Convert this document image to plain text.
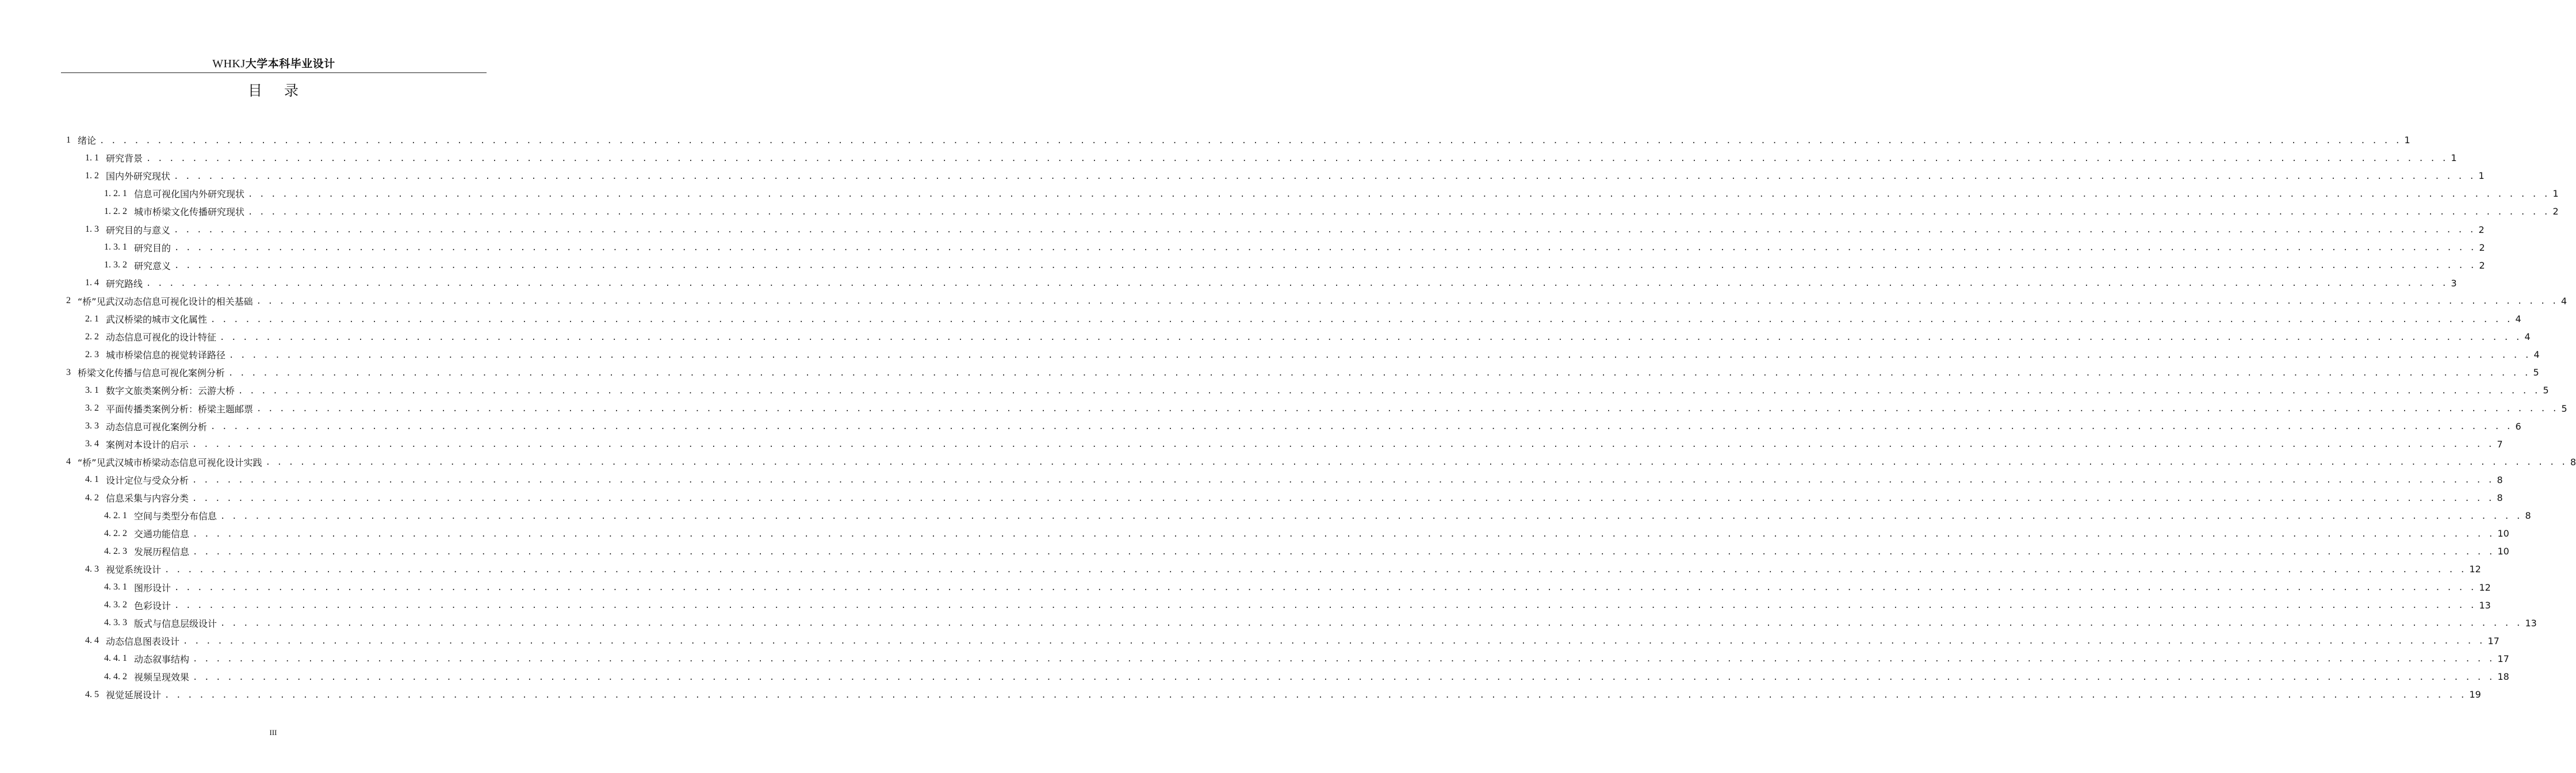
WHKJ大学本科毕业设计
目 录
1 绪论 . . . . . . . . . . . . . . . . . . . . . . . . . . . . . . . . . . . . . . . . . . . . . . . . . . . . . . . . . . . . . . . . . . . . . . . . . . . . . . . . . . . . . . . . . . . . . . . . . . . . . . . . . . . . . . . . . . . . . . . . . . . . . . . . . . . . . . . . . . . . . . . . . . . . . . . . . . . . . . . . . . . . . . . . . . . . . . . . . . . . . . . . . . . . . . . . . . . . . . . . 1
1. 1 研究背景 . . . . . . . . . . . . . . . . . . . . . . . . . . . . . . . . . . . . . . . . . . . . . . . . . . . . . . . . . . . . . . . . . . . . . . . . . . . . . . . . . . . . . . . . . . . . . . . . . . . . . . . . . . . . . . . . . . . . . . . . . . . . . . . . . . . . . . . . . . . . . . . . . . . . . . . . . . . . . . . . . . . . . . . . . . . . . . . . . . . . . . . . . . . . . . . . . . . . . . . . 1
1. 2 国内外研究现状 . . . . . . . . . . . . . . . . . . . . . . . . . . . . . . . . . . . . . . . . . . . . . . . . . . . . . . . . . . . . . . . . . . . . . . . . . . . . . . . . . . . . . . . . . . . . . . . . . . . . . . . . . . . . . . . . . . . . . . . . . . . . . . . . . . . . . . . . . . . . . . . . . . . . . . . . . . . . . . . . . . . . . . . . . . . . . . . . . . . . . . . . . . . . . . . . . . . . . . . . 1
1. 2. 1 信息可视化国内外研究现状 . . . . . . . . . . . . . . . . . . . . . . . . . . . . . . . . . . . . . . . . . . . . . . . . . . . . . . . . . . . . . . . . . . . . . . . . . . . . . . . . . . . . . . . . . . . . . . . . . . . . . . . . . . . . . . . . . . . . . . . . . . . . . . . . . . . . . . . . . . . . . . . . . . . . . . . . . . . . . . . . . . . . . . . . . . . . . . . . . . . . . . . . . . . . . . . . . . . . . . . . 1
1. 2. 2 城市桥梁文化传播研究现状 . . . . . . . . . . . . . . . . . . . . . . . . . . . . . . . . . . . . . . . . . . . . . . . . . . . . . . . . . . . . . . . . . . . . . . . . . . . . . . . . . . . . . . . . . . . . . . . . . . . . . . . . . . . . . . . . . . . . . . . . . . . . . . . . . . . . . . . . . . . . . . . . . . . . . . . . . . . . . . . . . . . . . . . . . . . . . . . . . . . . . . . . . . . . . . . . . . . . . . . . 2
1. 3 研究目的与意义 . . . . . . . . . . . . . . . . . . . . . . . . . . . . . . . . . . . . . . . . . . . . . . . . . . . . . . . . . . . . . . . . . . . . . . . . . . . . . . . . . . . . . . . . . . . . . . . . . . . . . . . . . . . . . . . . . . . . . . . . . . . . . . . . . . . . . . . . . . . . . . . . . . . . . . . . . . . . . . . . . . . . . . . . . . . . . . . . . . . . . . . . . . . . . . . . . . . . . . . . 2
1. 3. 1 研究目的 . . . . . . . . . . . . . . . . . . . . . . . . . . . . . . . . . . . . . . . . . . . . . . . . . . . . . . . . . . . . . . . . . . . . . . . . . . . . . . . . . . . . . . . . . . . . . . . . . . . . . . . . . . . . . . . . . . . . . . . . . . . . . . . . . . . . . . . . . . . . . . . . . . . . . . . . . . . . . . . . . . . . . . . . . . . . . . . . . . . . . . . . . . . . . . . . . . . . . . . . 2
1. 3. 2 研究意义 . . . . . . . . . . . . . . . . . . . . . . . . . . . . . . . . . . . . . . . . . . . . . . . . . . . . . . . . . . . . . . . . . . . . . . . . . . . . . . . . . . . . . . . . . . . . . . . . . . . . . . . . . . . . . . . . . . . . . . . . . . . . . . . . . . . . . . . . . . . . . . . . . . . . . . . . . . . . . . . . . . . . . . . . . . . . . . . . . . . . . . . . . . . . . . . . . . . . . . . . 2
1. 4 研究路线 . . . . . . . . . . . . . . . . . . . . . . . . . . . . . . . . . . . . . . . . . . . . . . . . . . . . . . . . . . . . . . . . . . . . . . . . . . . . . . . . . . . . . . . . . . . . . . . . . . . . . . . . . . . . . . . . . . . . . . . . . . . . . . . . . . . . . . . . . . . . . . . . . . . . . . . . . . . . . . . . . . . . . . . . . . . . . . . . . . . . . . . . . . . . . . . . . . . . . . . . 3
2 “桥”见武汉动态信息可视化设计的相关基础 . . . . . . . . . . . . . . . . . . . . . . . . . . . . . . . . . . . . . . . . . . . . . . . . . . . . . . . . . . . . . . . . . . . . . . . . . . . . . . . . . . . . . . . . . . . . . . . . . . . . . . . . . . . . . . . . . . . . . . . . . . . . . . . . . . . . . . . . . . . . . . . . . . . . . . . . . . . . . . . . . . . . . . . . . . . . . . . . . . . . . . . . . . . . . . . . . . . . . . . . 4
2. 1 武汉桥梁的城市文化属性 . . . . . . . . . . . . . . . . . . . . . . . . . . . . . . . . . . . . . . . . . . . . . . . . . . . . . . . . . . . . . . . . . . . . . . . . . . . . . . . . . . . . . . . . . . . . . . . . . . . . . . . . . . . . . . . . . . . . . . . . . . . . . . . . . . . . . . . . . . . . . . . . . . . . . . . . . . . . . . . . . . . . . . . . . . . . . . . . . . . . . . . . . . . . . . . . . . . . . . . . 4
2. 2 动态信息可视化的设计特征 . . . . . . . . . . . . . . . . . . . . . . . . . . . . . . . . . . . . . . . . . . . . . . . . . . . . . . . . . . . . . . . . . . . . . . . . . . . . . . . . . . . . . . . . . . . . . . . . . . . . . . . . . . . . . . . . . . . . . . . . . . . . . . . . . . . . . . . . . . . . . . . . . . . . . . . . . . . . . . . . . . . . . . . . . . . . . . . . . . . . . . . . . . . . . . . . . . . . . . . . 4
2. 3 城市桥梁信息的视觉转译路径 . . . . . . . . . . . . . . . . . . . . . . . . . . . . . . . . . . . . . . . . . . . . . . . . . . . . . . . . . . . . . . . . . . . . . . . . . . . . . . . . . . . . . . . . . . . . . . . . . . . . . . . . . . . . . . . . . . . . . . . . . . . . . . . . . . . . . . . . . . . . . . . . . . . . . . . . . . . . . . . . . . . . . . . . . . . . . . . . . . . . . . . . . . . . . . . . . . . . . . . . 4
3 桥梁文化传播与信息可视化案例分析 . . . . . . . . . . . . . . . . . . . . . . . . . . . . . . . . . . . . . . . . . . . . . . . . . . . . . . . . . . . . . . . . . . . . . . . . . . . . . . . . . . . . . . . . . . . . . . . . . . . . . . . . . . . . . . . . . . . . . . . . . . . . . . . . . . . . . . . . . . . . . . . . . . . . . . . . . . . . . . . . . . . . . . . . . . . . . . . . . . . . . . . . . . . . . . . . . . . . . . . . 5
3. 1 数字文旅类案例分析：云游大桥 . . . . . . . . . . . . . . . . . . . . . . . . . . . . . . . . . . . . . . . . . . . . . . . . . . . . . . . . . . . . . . . . . . . . . . . . . . . . . . . . . . . . . . . . . . . . . . . . . . . . . . . . . . . . . . . . . . . . . . . . . . . . . . . . . . . . . . . . . . . . . . . . . . . . . . . . . . . . . . . . . . . . . . . . . . . . . . . . . . . . . . . . . . . . . . . . . . . . . . . . 5
3. 2 平面传播类案例分析：桥梁主题邮票 . . . . . . . . . . . . . . . . . . . . . . . . . . . . . . . . . . . . . . . . . . . . . . . . . . . . . . . . . . . . . . . . . . . . . . . . . . . . . . . . . . . . . . . . . . . . . . . . . . . . . . . . . . . . . . . . . . . . . . . . . . . . . . . . . . . . . . . . . . . . . . . . . . . . . . . . . . . . . . . . . . . . . . . . . . . . . . . . . . . . . . . . . . . . . . . . . . . . . . . . 5
3. 3 动态信息可视化案例分析 . . . . . . . . . . . . . . . . . . . . . . . . . . . . . . . . . . . . . . . . . . . . . . . . . . . . . . . . . . . . . . . . . . . . . . . . . . . . . . . . . . . . . . . . . . . . . . . . . . . . . . . . . . . . . . . . . . . . . . . . . . . . . . . . . . . . . . . . . . . . . . . . . . . . . . . . . . . . . . . . . . . . . . . . . . . . . . . . . . . . . . . . . . . . . . . . . . . . . . . . 6
3. 4 案例对本设计的启示 . . . . . . . . . . . . . . . . . . . . . . . . . . . . . . . . . . . . . . . . . . . . . . . . . . . . . . . . . . . . . . . . . . . . . . . . . . . . . . . . . . . . . . . . . . . . . . . . . . . . . . . . . . . . . . . . . . . . . . . . . . . . . . . . . . . . . . . . . . . . . . . . . . . . . . . . . . . . . . . . . . . . . . . . . . . . . . . . . . . . . . . . . . . . . . . . . . . . . . . . 7
4 “桥”见武汉城市桥梁动态信息可视化设计实践 . . . . . . . . . . . . . . . . . . . . . . . . . . . . . . . . . . . . . . . . . . . . . . . . . . . . . . . . . . . . . . . . . . . . . . . . . . . . . . . . . . . . . . . . . . . . . . . . . . . . . . . . . . . . . . . . . . . . . . . . . . . . . . . . . . . . . . . . . . . . . . . . . . . . . . . . . . . . . . . . . . . . . . . . . . . . . . . . . . . . . . . . . . . . . . . . . . . . . . . . 8
4. 1 设计定位与受众分析 . . . . . . . . . . . . . . . . . . . . . . . . . . . . . . . . . . . . . . . . . . . . . . . . . . . . . . . . . . . . . . . . . . . . . . . . . . . . . . . . . . . . . . . . . . . . . . . . . . . . . . . . . . . . . . . . . . . . . . . . . . . . . . . . . . . . . . . . . . . . . . . . . . . . . . . . . . . . . . . . . . . . . . . . . . . . . . . . . . . . . . . . . . . . . . . . . . . . . . . . 8
4. 2 信息采集与内容分类 . . . . . . . . . . . . . . . . . . . . . . . . . . . . . . . . . . . . . . . . . . . . . . . . . . . . . . . . . . . . . . . . . . . . . . . . . . . . . . . . . . . . . . . . . . . . . . . . . . . . . . . . . . . . . . . . . . . . . . . . . . . . . . . . . . . . . . . . . . . . . . . . . . . . . . . . . . . . . . . . . . . . . . . . . . . . . . . . . . . . . . . . . . . . . . . . . . . . . . . . 8
4. 2. 1 空间与类型分布信息 . . . . . . . . . . . . . . . . . . . . . . . . . . . . . . . . . . . . . . . . . . . . . . . . . . . . . . . . . . . . . . . . . . . . . . . . . . . . . . . . . . . . . . . . . . . . . . . . . . . . . . . . . . . . . . . . . . . . . . . . . . . . . . . . . . . . . . . . . . . . . . . . . . . . . . . . . . . . . . . . . . . . . . . . . . . . . . . . . . . . . . . . . . . . . . . . . . . . . . . . 8
4. 2. 2 交通功能信息 . . . . . . . . . . . . . . . . . . . . . . . . . . . . . . . . . . . . . . . . . . . . . . . . . . . . . . . . . . . . . . . . . . . . . . . . . . . . . . . . . . . . . . . . . . . . . . . . . . . . . . . . . . . . . . . . . . . . . . . . . . . . . . . . . . . . . . . . . . . . . . . . . . . . . . . . . . . . . . . . . . . . . . . . . . . . . . . . . . . . . . . . . . . . . . . . . . . . . . . . 10
4. 2. 3 发展历程信息 . . . . . . . . . . . . . . . . . . . . . . . . . . . . . . . . . . . . . . . . . . . . . . . . . . . . . . . . . . . . . . . . . . . . . . . . . . . . . . . . . . . . . . . . . . . . . . . . . . . . . . . . . . . . . . . . . . . . . . . . . . . . . . . . . . . . . . . . . . . . . . . . . . . . . . . . . . . . . . . . . . . . . . . . . . . . . . . . . . . . . . . . . . . . . . . . . . . . . . . . 10
4. 3 视觉系统设计 . . . . . . . . . . . . . . . . . . . . . . . . . . . . . . . . . . . . . . . . . . . . . . . . . . . . . . . . . . . . . . . . . . . . . . . . . . . . . . . . . . . . . . . . . . . . . . . . . . . . . . . . . . . . . . . . . . . . . . . . . . . . . . . . . . . . . . . . . . . . . . . . . . . . . . . . . . . . . . . . . . . . . . . . . . . . . . . . . . . . . . . . . . . . . . . . . . . . . . . . 12
4. 3. 1 图形设计 . . . . . . . . . . . . . . . . . . . . . . . . . . . . . . . . . . . . . . . . . . . . . . . . . . . . . . . . . . . . . . . . . . . . . . . . . . . . . . . . . . . . . . . . . . . . . . . . . . . . . . . . . . . . . . . . . . . . . . . . . . . . . . . . . . . . . . . . . . . . . . . . . . . . . . . . . . . . . . . . . . . . . . . . . . . . . . . . . . . . . . . . . . . . . . . . . . . . . . . . 12
4. 3. 2 色彩设计 . . . . . . . . . . . . . . . . . . . . . . . . . . . . . . . . . . . . . . . . . . . . . . . . . . . . . . . . . . . . . . . . . . . . . . . . . . . . . . . . . . . . . . . . . . . . . . . . . . . . . . . . . . . . . . . . . . . . . . . . . . . . . . . . . . . . . . . . . . . . . . . . . . . . . . . . . . . . . . . . . . . . . . . . . . . . . . . . . . . . . . . . . . . . . . . . . . . . . . . . 13
4. 3. 3 版式与信息层级设计 . . . . . . . . . . . . . . . . . . . . . . . . . . . . . . . . . . . . . . . . . . . . . . . . . . . . . . . . . . . . . . . . . . . . . . . . . . . . . . . . . . . . . . . . . . . . . . . . . . . . . . . . . . . . . . . . . . . . . . . . . . . . . . . . . . . . . . . . . . . . . . . . . . . . . . . . . . . . . . . . . . . . . . . . . . . . . . . . . . . . . . . . . . . . . . . . . . . . . . . . 13
4. 4 动态信息图表设计 . . . . . . . . . . . . . . . . . . . . . . . . . . . . . . . . . . . . . . . . . . . . . . . . . . . . . . . . . . . . . . . . . . . . . . . . . . . . . . . . . . . . . . . . . . . . . . . . . . . . . . . . . . . . . . . . . . . . . . . . . . . . . . . . . . . . . . . . . . . . . . . . . . . . . . . . . . . . . . . . . . . . . . . . . . . . . . . . . . . . . . . . . . . . . . . . . . . . . . . . 17
4. 4. 1 动态叙事结构 . . . . . . . . . . . . . . . . . . . . . . . . . . . . . . . . . . . . . . . . . . . . . . . . . . . . . . . . . . . . . . . . . . . . . . . . . . . . . . . . . . . . . . . . . . . . . . . . . . . . . . . . . . . . . . . . . . . . . . . . . . . . . . . . . . . . . . . . . . . . . . . . . . . . . . . . . . . . . . . . . . . . . . . . . . . . . . . . . . . . . . . . . . . . . . . . . . . . . . . . 17
4. 4. 2 视频呈现效果 . . . . . . . . . . . . . . . . . . . . . . . . . . . . . . . . . . . . . . . . . . . . . . . . . . . . . . . . . . . . . . . . . . . . . . . . . . . . . . . . . . . . . . . . . . . . . . . . . . . . . . . . . . . . . . . . . . . . . . . . . . . . . . . . . . . . . . . . . . . . . . . . . . . . . . . . . . . . . . . . . . . . . . . . . . . . . . . . . . . . . . . . . . . . . . . . . . . . . . . . 18
4. 5 视觉延展设计 . . . . . . . . . . . . . . . . . . . . . . . . . . . . . . . . . . . . . . . . . . . . . . . . . . . . . . . . . . . . . . . . . . . . . . . . . . . . . . . . . . . . . . . . . . . . . . . . . . . . . . . . . . . . . . . . . . . . . . . . . . . . . . . . . . . . . . . . . . . . . . . . . . . . . . . . . . . . . . . . . . . . . . . . . . . . . . . . . . . . . . . . . . . . . . . . . . . . . . . . 19
III
